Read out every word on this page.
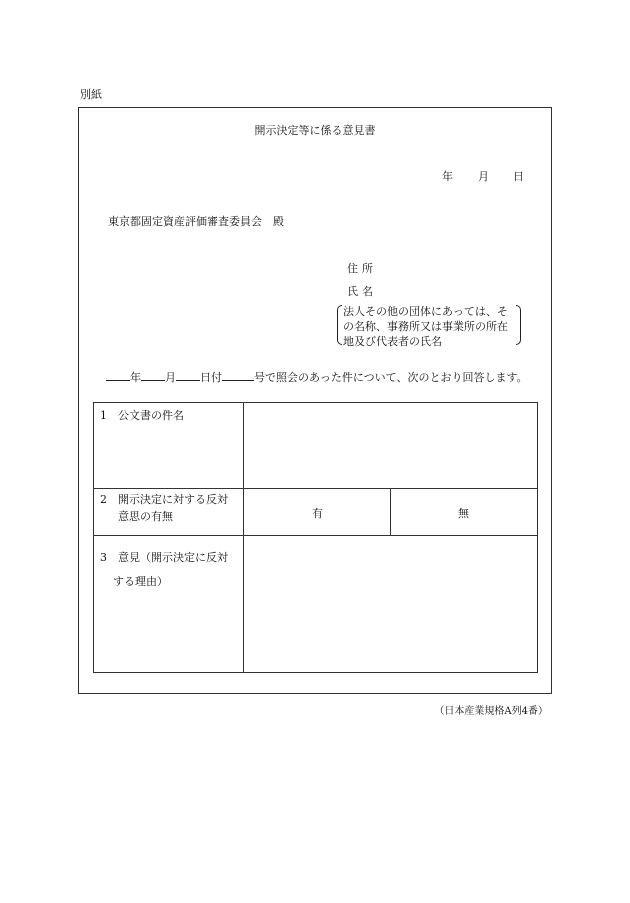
別紙
開示決定等に係る意見書
年 月 日
東京都固定資産評価審査委員会　殿
住所
氏名
法人その他の団体にあっては、その名称、事務所又は事業所の所在地及び代表者の氏名
年 月 日付	号で照会のあった件について、次のとおり回答します。
1　 公文書の件名
2　 開示決定に対する反対
意思の有無	有	無
3　 意見（開示決定に反対
する理由）
（日本産業規格A列4番）
